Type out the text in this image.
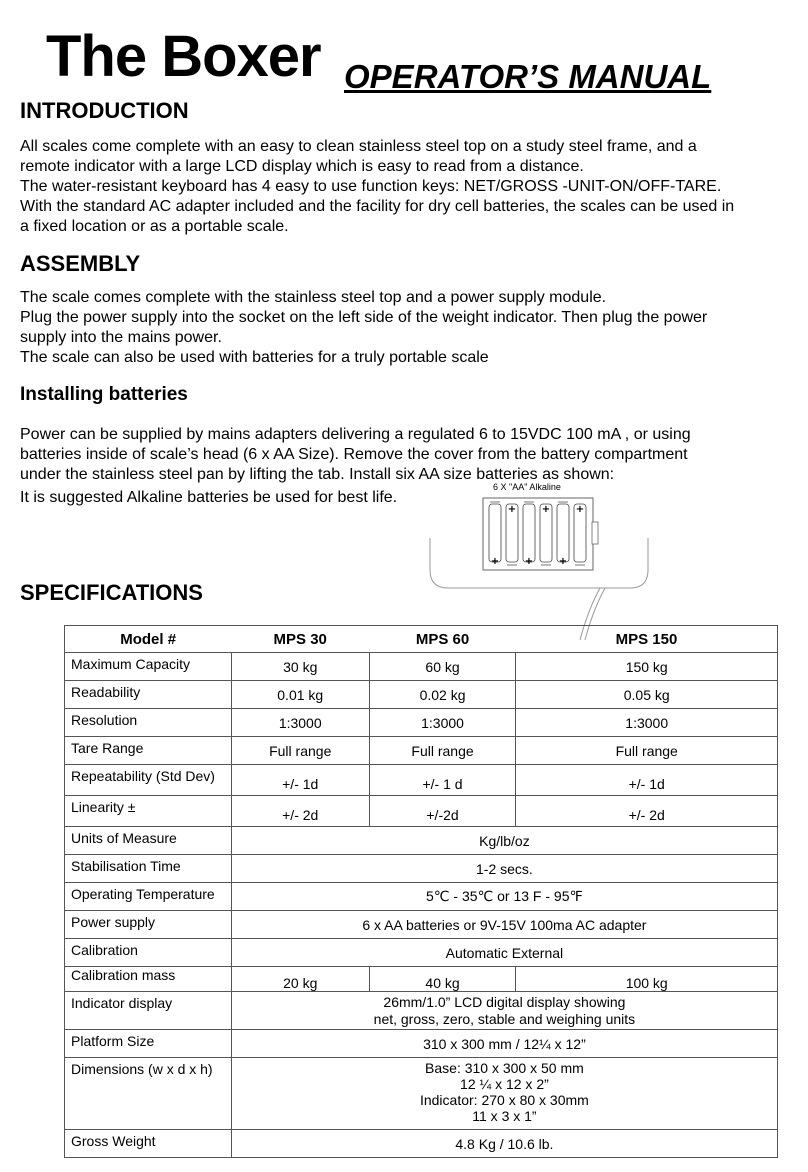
The Boxer OPERATOR’S MANUAL
INTRODUCTION
All scales come complete with an easy to clean stainless steel top on a study steel frame, and a
remote indicator with a large LCD display which is easy to read from a distance.
The water-resistant keyboard has 4 easy to use function keys: NET/GROSS -UNIT-ON/OFF-TARE.
With the standard AC adapter included and the facility for dry cell batteries, the scales can be used in
a fixed location or as a portable scale.
ASSEMBLY
The scale comes complete with the stainless steel top and a power supply module.
Plug the power supply into the socket on the left side of the weight indicator. Then plug the power
supply into the mains power.
The scale can also be used with batteries for a truly portable scale
Installing batteries
Power can be supplied by mains adapters delivering a regulated 6 to 15VDC 100 mA , or using
batteries inside of scale’s head (6 x AA Size). Remove the cover from the battery compartment
under the stainless steel pan by lifting the tab. Install six AA size batteries as shown:
It is suggested Alkaline batteries be used for best life.
6 X "AA" Alkaline
+	+	+
+	+	+
SPECIFICATIONS
Model #	MPS 30	MPS 60	MPS 150
Maximum Capacity	30 kg	60 kg	150 kg
Readability	0.01 kg	0.02 kg	0.05 kg
Resolution	1:3000	1:3000	1:3000
Tare Range	Full range	Full range	Full range
Repeatability (Std Dev)	+/- 1d	+/- 1 d	+/- 1d
Linearity ±	+/- 2d	+/-2d	+/- 2d
Units of Measure	Kg/lb/oz		
Stabilisation Time	1-2 secs.		
Operating Temperature	5℃ - 35℃ or 13 F - 95℉		
Power supply	6 x AA batteries or 9V-15V 100ma AC adapter		
Calibration	Automatic External		
Calibration mass	20 kg	40 kg	100 kg
Indicator display	26mm/1.0” LCD digital display showing
net, gross, zero, stable and weighing units		

Platform Size	310 x 300 mm / 12¼ x 12”		
Dimensions (w x d x h)	Base: 310 x 300 x 50 mm
12 ¼ x 12 x 2”
Indicator: 270 x 80 x 30mm
11 x 3 x 1”		

Gross Weight	4.8 Kg / 10.6 lb.		
